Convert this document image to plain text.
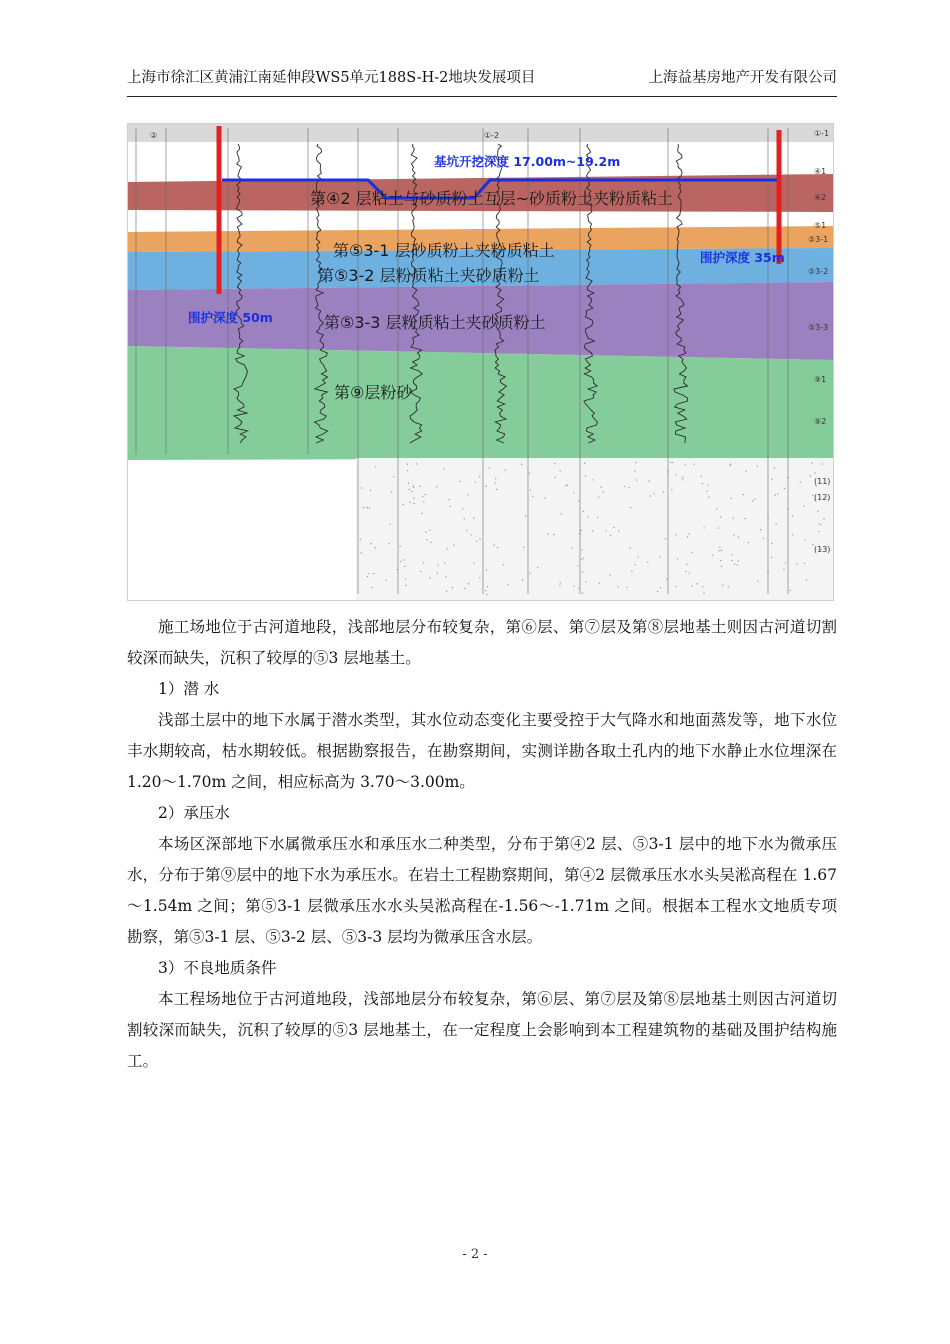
上海市徐汇区黄浦江南延伸段WS5单元188S-H-2地块发展项目	上海益基房地产开发有限公司
基坑开挖深度 17.00m~19.2m
围护深度 50m
围护深度 35m
第④2 层粘土与砂质粉土互层~砂质粉土夹粉质粘土
第⑤3-1 层砂质粉土夹粉质粘土
第⑤3-2 层粉质粘土夹砂质粉土
第⑤3-3 层粉质粘土夹砂质粉土
第⑨层粉砂
①-1
④1
④2
⑤1
⑤3-1
⑤3-2
⑤3-3
⑨1
⑨2
(11)
(12)
(13)
①-2
②

施工场地位于古河道地段，浅部地层分布较复杂，第⑥层、第⑦层及第⑧层地基土则因古河道切割较深而缺失，沉积了较厚的⑤3 层地基土。

1）潜 水

浅部土层中的地下水属于潜水类型，其水位动态变化主要受控于大气降水和地面蒸发等，地下水位丰水期较高，枯水期较低。根据勘察报告，在勘察期间，实测详勘各取土孔内的地下水静止水位埋深在 1.20～1.70m 之间，相应标高为 3.70～3.00m。

2）承压水

本场区深部地下水属微承压水和承压水二种类型，分布于第④2 层、⑤3-1 层中的地下水为微承压水，分布于第⑨层中的地下水为承压水。在岩土工程勘察期间，第④2 层微承压水水头吴淞高程在 1.67～1.54m 之间；第⑤3-1 层微承压水水头吴淞高程在-1.56～-1.71m 之间。根据本工程水文地质专项勘察，第⑤3-1 层、⑤3-2 层、⑤3-3 层均为微承压含水层。

3）不良地质条件

本工程场地位于古河道地段，浅部地层分布较复杂，第⑥层、第⑦层及第⑧层地基土则因古河道切割较深而缺失，沉积了较厚的⑤3 层地基土，在一定程度上会影响到本工程建筑物的基础及围护结构施工。

- 2 -
